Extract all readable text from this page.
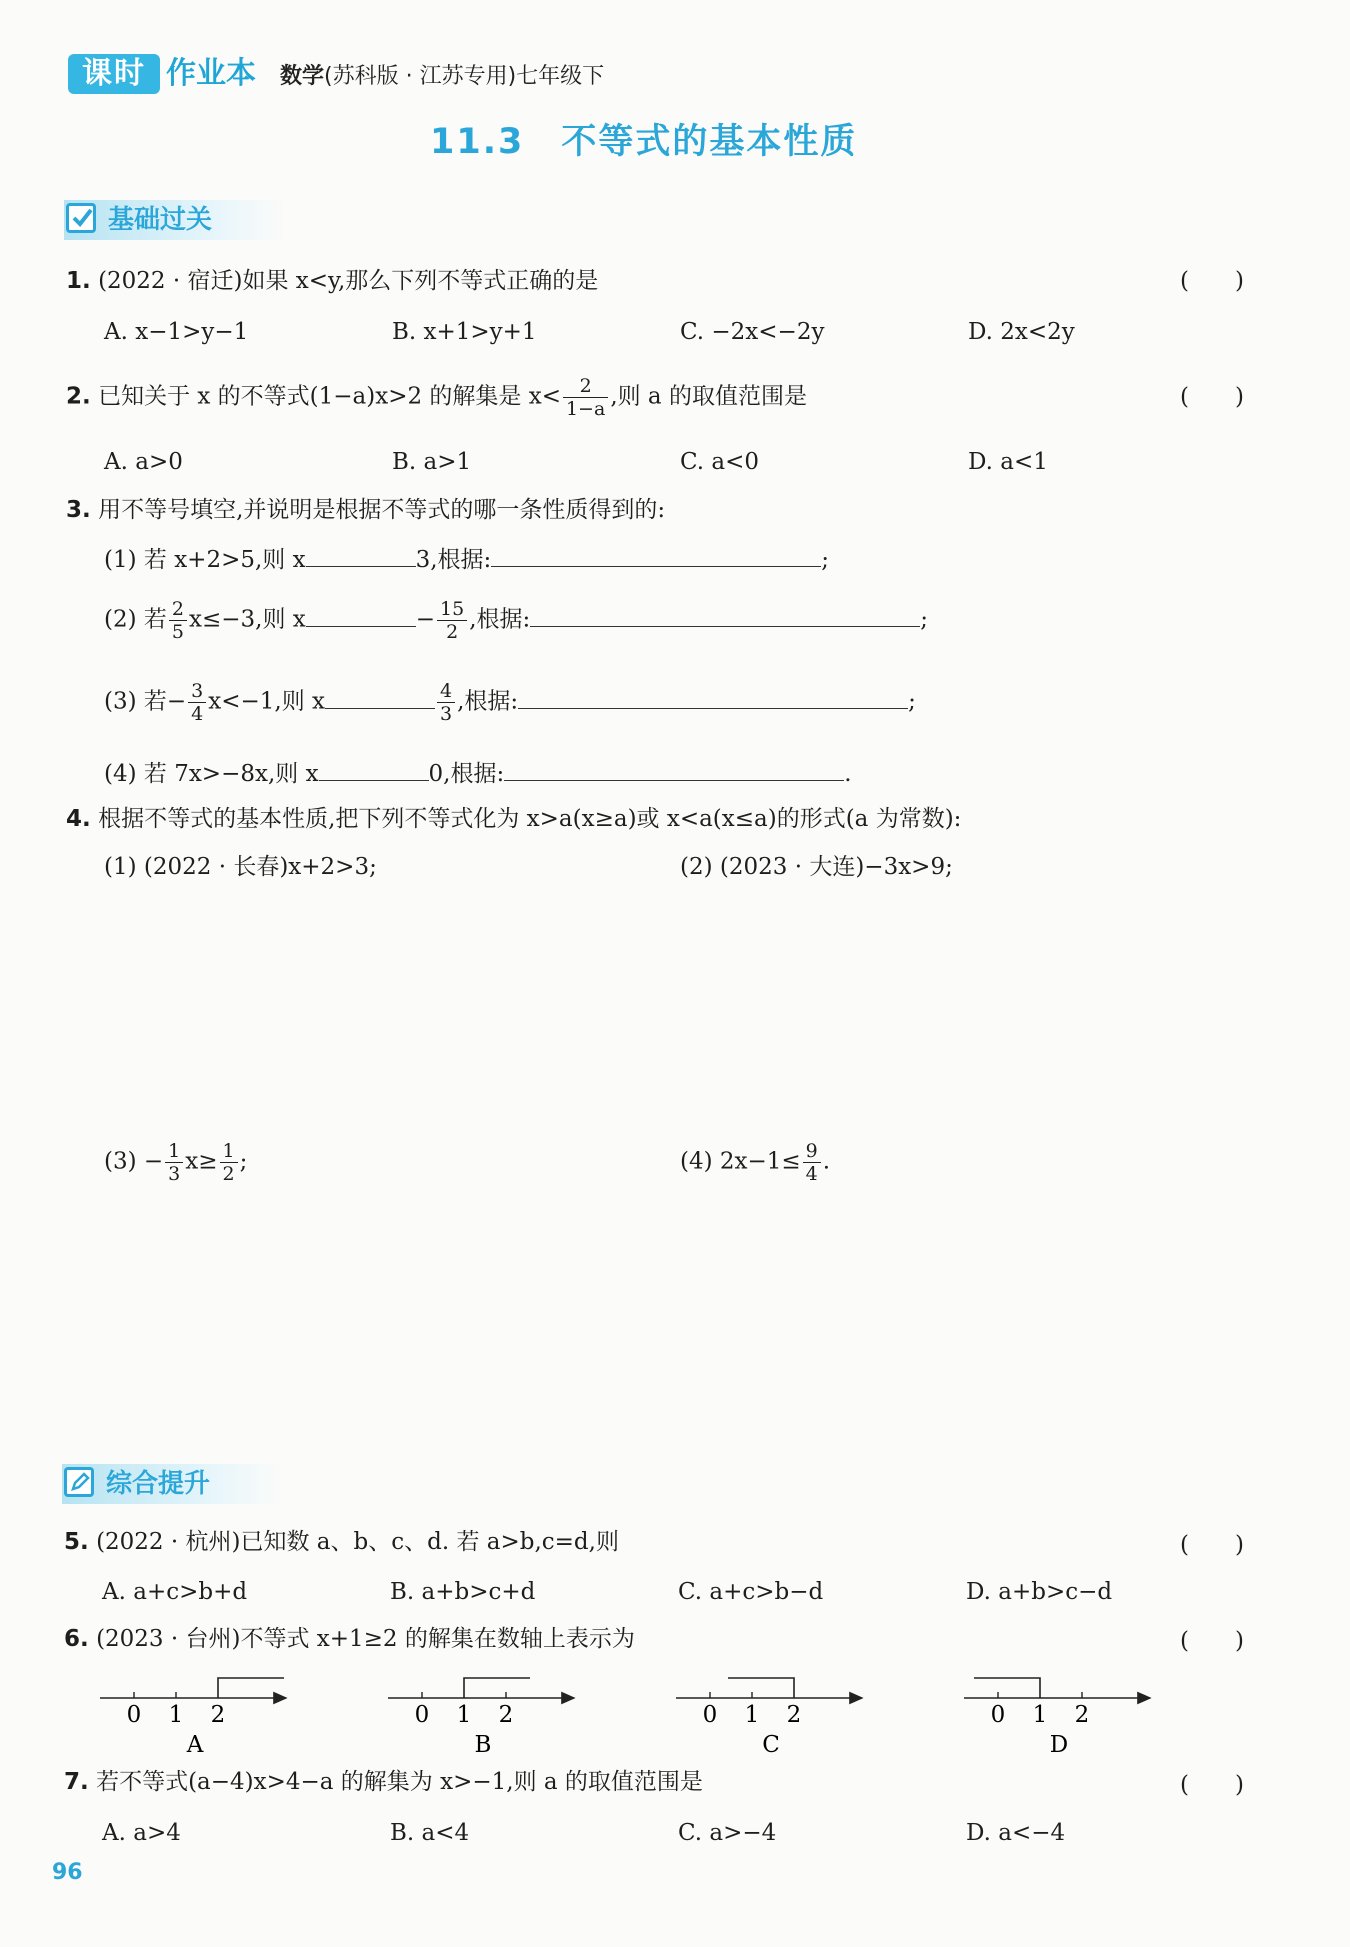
课时 作业本 数学(苏科版 · 江苏专用)七年级下
11.3　不等式的基本性质
基础过关
1. (2022 · 宿迁)如果 x<y,那么下列不等式正确的是	(　　)
A. x−1>y−1	B. x+1>y+1	C. −2x<−2y	D. 2x<2y
2. 已知关于 x 的不等式(1−a)x>2 的解集是 $x< \frac{2}{1-a}$ ,则 a 的取值范围是	(　　)
A. a>0	B. a>1	C. a<0	D. a<1
3. 用不等号填空,并说明是根据不等式的哪一条性质得到的:
(1) 若 x+2>5,则 x	3,根据:	;
(2) 若 $\frac{2}{5} x\le-3$,则 x	− $\frac{15}{2}$ ,根据:	;
(3) 若− $\frac{3}{4} x<-1$,则 x	$\frac{4}{3}$ ,根据:	;
(4) 若 7x>−8x,则 x	0,根据:	.
4. 根据不等式的基本性质,把下列不等式化为 x>a(x≥a)或 x<a(x≤a)的形式(a 为常数):
(1) (2022 · 长春)x+2>3;	(2) (2023 · 大连)−3x>9;
$(3) - \frac{1}{3} x\ge \frac{1}{2}$ ;	(4) $2x-1\le \frac{9}{4}$ .
综合提升
5. (2022 · 杭州)已知数 a、b、c、d. 若 a>b,c=d,则	(　　)
A. a+c>b+d	B. a+b>c+d	C. a+c>b−d	D. a+b>c−d
6. (2023 · 台州)不等式 x+1≥2 的解集在数轴上表示为	(　　)
0 1 2
A
0 1 2
B
0 1 2
C
0 1 2
D
7. 若不等式(a−4)x>4−a 的解集为 x>−1,则 a 的取值范围是	(　　)
A. a>4	B. a<4	C. a>−4	D. a<−4
96
